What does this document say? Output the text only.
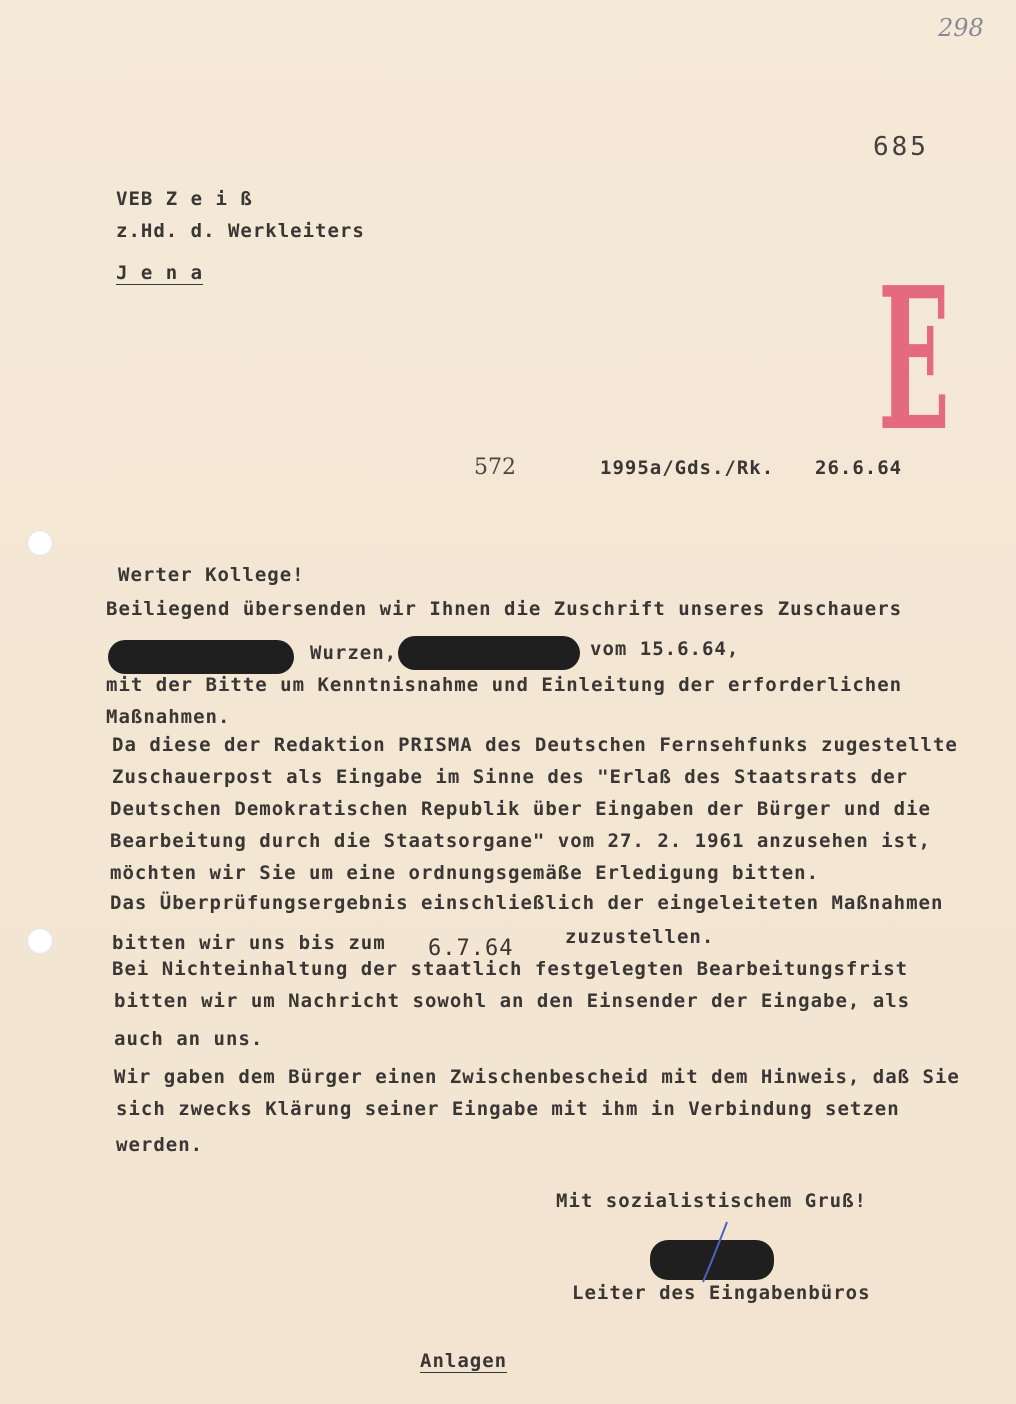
298
685
VEB Z e i ß
z.Hd. d. Werkleiters
J e n a	E
572	1995a/Gds./Rk. 26.6.64
Werter Kollege!
Beiliegend übersenden wir Ihnen die Zuschrift unseres Zuschauers
Wurzen,	vom 15.6.64,
mit der Bitte um Kenntnisnahme und Einleitung der erforderlichen
Maßnahmen.
Da diese der Redaktion PRISMA des Deutschen Fernsehfunks zugestellte
Zuschauerpost als Eingabe im Sinne des "Erlaß des Staatsrats der
Deutschen Demokratischen Republik über Eingaben der Bürger und die
Bearbeitung durch die Staatsorgane" vom 27. 2. 1961 anzusehen ist,
möchten wir Sie um eine ordnungsgemäße Erledigung bitten.
Das Überprüfungsergebnis einschließlich der eingeleiteten Maßnahmen
bitten wir uns bis zum 6.7.64	zuzustellen.
Bei Nichteinhaltung der staatlich festgelegten Bearbeitungsfrist
bitten wir um Nachricht sowohl an den Einsender der Eingabe, als
auch an uns.
Wir gaben dem Bürger einen Zwischenbescheid mit dem Hinweis, daß Sie
sich zwecks Klärung seiner Eingabe mit ihm in Verbindung setzen
werden.
Mit sozialistischem Gruß!
Leiter des Eingabenbüros
Anlagen
